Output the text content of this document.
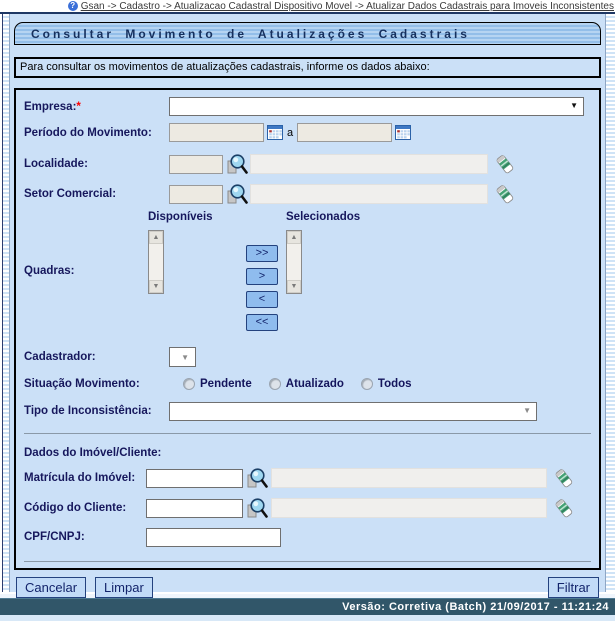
? Gsan -> Cadastro -> Atualizacao Cadastral Dispositivo Movel -> Atualizar Dados Cadastrais para Imoveis Inconsistentes
Consultar Movimento de Atualizações Cadastrais
Para consultar os movimentos de atualizações cadastrais, informe os dados abaixo:
Empresa:*	▼
Período do Movimento:	a
Localidade:
Setor Comercial:
Quadras:
Disponíveis
▲
▼
>>
>
<
<<
Selecionados
▲
▼
Cadastrador:	▼
Situação Movimento:	Pendente	Atualizado	Todos
Tipo de Inconsistência:	▼
Dados do Imóvel/Cliente:
Matrícula do Imóvel:
Código do Cliente:
CPF/CNPJ:
Cancelar	Limpar	Filtrar
Versão: Corretiva (Batch) 21/09/2017 - 11:21:24
